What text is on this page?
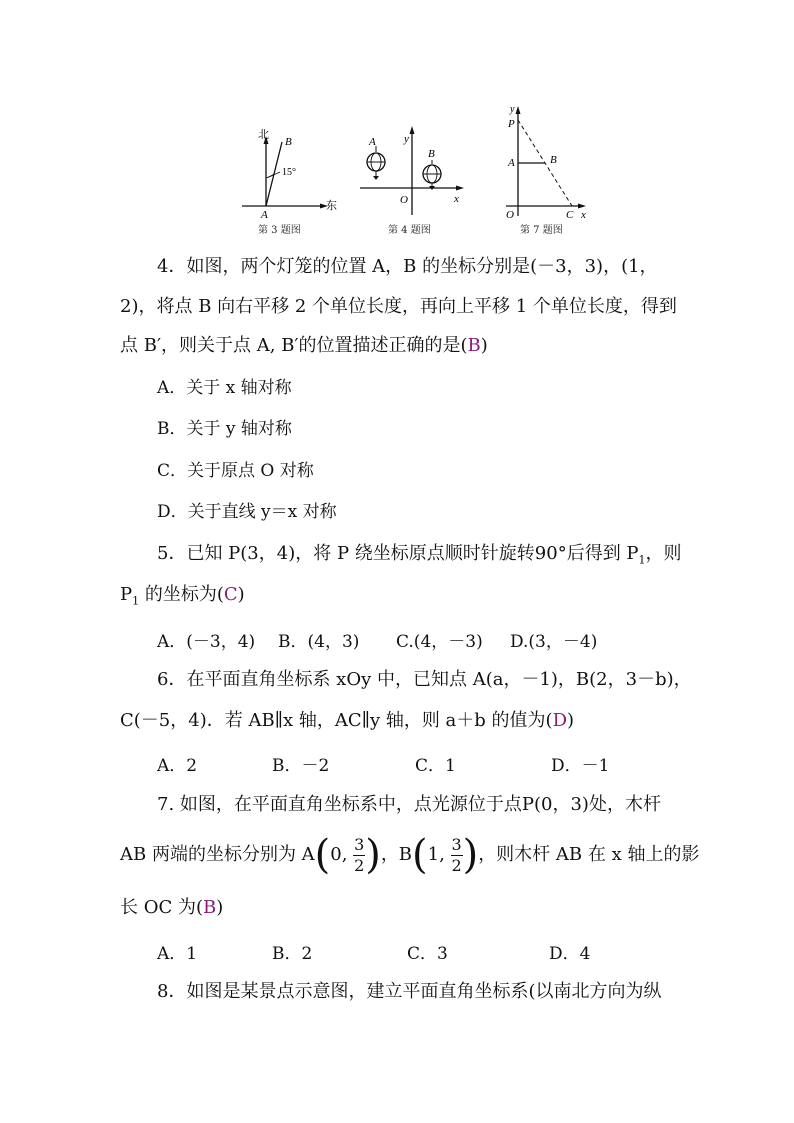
北
B
15°
A
东
第 3 题图
y
x
O
A
B
第 4 题图
y
P
A	B
O	C x
第 7 题图
4．如图，两个灯笼的位置 A，B 的坐标分别是(－3，3)，(1，
2)，将点 B 向右平移 2 个单位长度，再向上平移 1 个单位长度，得到
点 B′，则关于点 A, B′的位置描述正确的是(B)
A．关于 x 轴对称
B．关于 y 轴对称
C．关于原点 O 对称
D．关于直线 y＝x 对称
5．已知 P(3，4)，将 P 绕坐标原点顺时针旋转90°后得到 $P_1$，则
$P_1$ 的坐标为(C)
A．(－3，4) B．(4，3) C.(4，－3) D.(3，－4)
6．在平面直角坐标系 xOy 中，已知点 A(a，－1)，B(2，3－b)，
C(－5，4)．若 AB∥x 轴，AC∥y 轴，则 a＋b 的值为(D)
A．2	B．－2	C．1	D．－1
7. 如图，在平面直角坐标系中，点光源位于点P(0，3)处，木杆
AB 两端的坐标分别为 A(0, $\frac{3}{2}$ )，B(1, $\frac{3}{2}$ )，则木杆 AB 在 x 轴上的影
长 OC 为(B)
A．1	B．2	C．3	D．4
8．如图是某景点示意图，建立平面直角坐标系(以南北方向为纵
